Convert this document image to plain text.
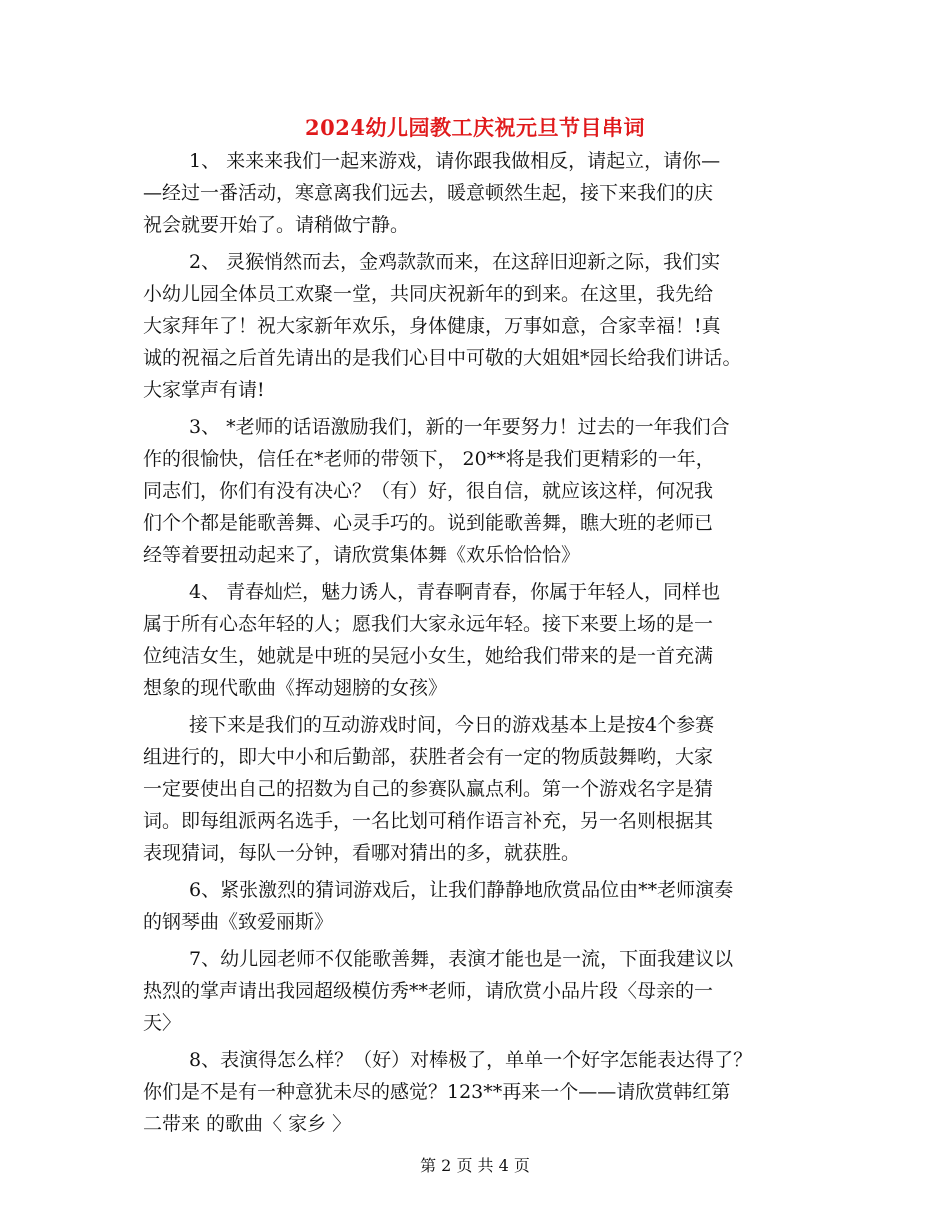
2024幼儿园教工庆祝元旦节目串词
1、 来来来我们一起来游戏，请你跟我做相反，请起立，请你—
—经过一番活动，寒意离我们远去，暖意顿然生起，接下来我们的庆
祝会就要开始了。请稍做宁静。
2、 灵猴悄然而去，金鸡款款而来，在这辞旧迎新之际，我们实
小幼儿园全体员工欢聚一堂，共同庆祝新年的到来。在这里，我先给
大家拜年了！祝大家新年欢乐，身体健康，万事如意，合家幸福！!真
诚的祝福之后首先请出的是我们心目中可敬的大姐姐*园长给我们讲话。
大家掌声有请!
3、 *老师的话语激励我们，新的一年要努力！过去的一年我们合
作的很愉快，信任在*老师的带领下， 20**将是我们更精彩的一年，
同志们，你们有没有决心？（有）好，很自信，就应该这样，何况我
们个个都是能歌善舞、心灵手巧的。说到能歌善舞，瞧大班的老师已
经等着要扭动起来了，请欣赏集体舞《欢乐恰恰恰》
4、 青春灿烂，魅力诱人，青春啊青春，你属于年轻人，同样也
属于所有心态年轻的人；愿我们大家永远年轻。接下来要上场的是一
位纯洁女生，她就是中班的吴冠小女生，她给我们带来的是一首充满
想象的现代歌曲《挥动翅膀的女孩》
接下来是我们的互动游戏时间，今日的游戏基本上是按4个参赛
组进行的，即大中小和后勤部，获胜者会有一定的物质鼓舞哟，大家
一定要使出自己的招数为自己的参赛队赢点利。第一个游戏名字是猜
词。即每组派两名选手，一名比划可稍作语言补充，另一名则根据其
表现猜词，每队一分钟，看哪对猜出的多，就获胜。
6、紧张激烈的猜词游戏后，让我们静静地欣赏品位由**老师演奏
的钢琴曲《致爱丽斯》
7、幼儿园老师不仅能歌善舞，表演才能也是一流，下面我建议以
热烈的掌声请出我园超级模仿秀**老师，请欣赏小品片段〈母亲的一
天〉
8、表演得怎么样？（好）对棒极了，单单一个好字怎能表达得了？
你们是不是有一种意犹未尽的感觉？123**再来一个——请欣赏韩红第
二带来 的歌曲〈 家乡 〉
第 2 页 共 4 页
